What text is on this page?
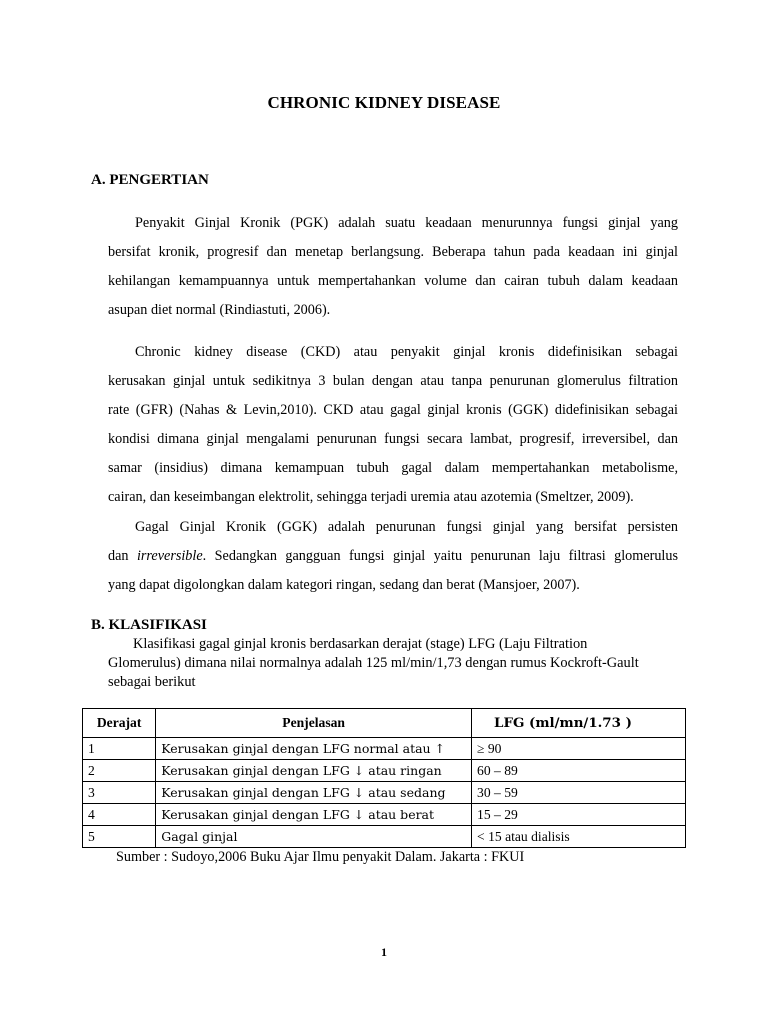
CHRONIC KIDNEY DISEASE
A. PENGERTIAN
Penyakit Ginjal Kronik (PGK) adalah suatu keadaan menurunnya fungsi ginjal yang
bersifat kronik, progresif dan menetap berlangsung. Beberapa tahun pada keadaan ini ginjal
kehilangan kemampuannya untuk mempertahankan volume dan cairan tubuh dalam keadaan
asupan diet normal (Rindiastuti, 2006).
Chronic kidney disease (CKD) atau penyakit ginjal kronis didefinisikan sebagai
kerusakan ginjal untuk sedikitnya 3 bulan dengan atau tanpa penurunan glomerulus filtration
rate (GFR) (Nahas & Levin,2010). CKD atau gagal ginjal kronis (GGK) didefinisikan sebagai
kondisi dimana ginjal mengalami penurunan fungsi secara lambat, progresif, irreversibel, dan
samar (insidius) dimana kemampuan tubuh gagal dalam mempertahankan metabolisme,
cairan, dan keseimbangan elektrolit, sehingga terjadi uremia atau azotemia (Smeltzer, 2009).
Gagal Ginjal Kronik (GGK) adalah penurunan fungsi ginjal yang bersifat persisten
dan irreversible. Sedangkan gangguan fungsi ginjal yaitu penurunan laju filtrasi glomerulus
yang dapat digolongkan dalam kategori ringan, sedang dan berat (Mansjoer, 2007).
B. KLASIFIKASI
Klasifikasi gagal ginjal kronis berdasarkan derajat (stage) LFG (Laju Filtration
Glomerulus) dimana nilai normalnya adalah 125 ml/min/1,73 dengan rumus Kockroft-Gault
sebagai berikut
Derajat	Penjelasan	LFG (ml/mn/1.73 )
1	Kerusakan ginjal dengan LFG normal atau ↑	≥ 90
2	Kerusakan ginjal dengan LFG ↓ atau ringan	60 – 89
3	Kerusakan ginjal dengan LFG ↓ atau sedang	30 – 59
4	Kerusakan ginjal dengan LFG ↓ atau berat	15 – 29
5	Gagal ginjal	< 15 atau dialisis
Sumber : Sudoyo,2006 Buku Ajar Ilmu penyakit Dalam. Jakarta : FKUI
1
